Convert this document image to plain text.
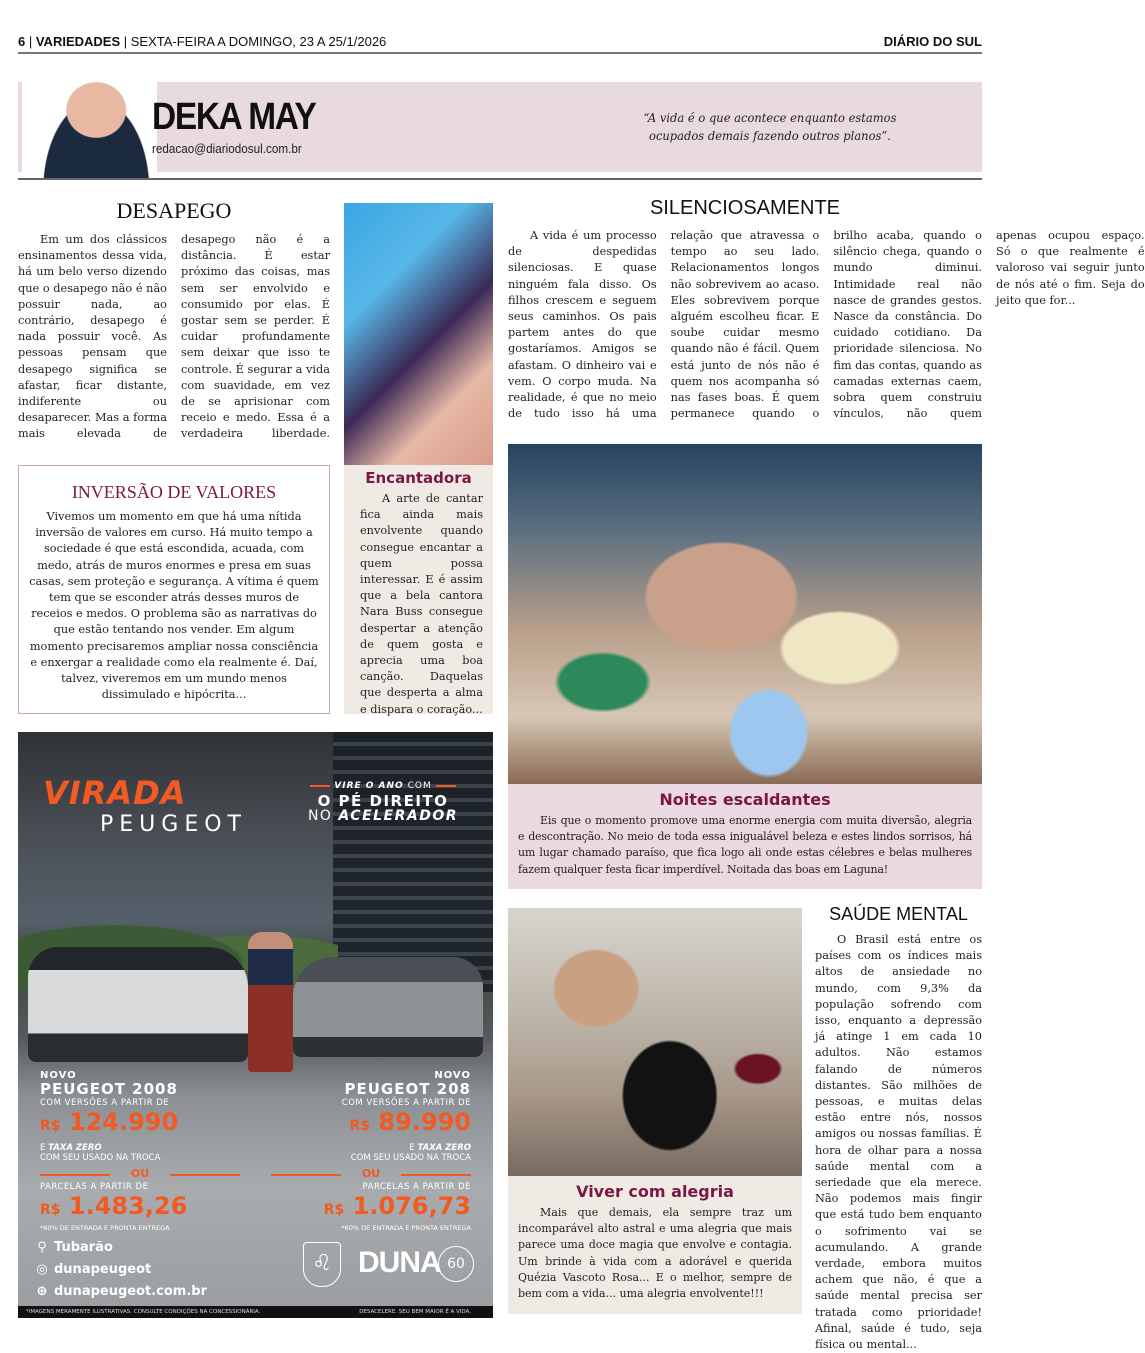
6 | VARIEDADES | SEXTA-FEIRA A DOMINGO, 23 A 25/1/2026	DIÁRIO DO SUL
DEKA MAY
redacao@diariodosul.com.br
“A vida é o que acontece enquanto estamos
ocupados demais fazendo outros planos”.
DESAPEGO

Em um dos clássicos ensinamentos dessa vida, há um belo verso dizendo que o desapego não é não possuir nada, ao contrário, desapego é nada possuir você. As pessoas pensam que desapego significa se afastar, ficar distante, indiferente ou desaparecer. Mas a forma mais elevada de desapego não é a distância. É estar próximo das coisas, mas sem ser envolvido e consumido por elas. É gostar sem se perder. É cuidar profundamente sem deixar que isso te controle. É segurar a vida com suavidade, em vez de se aprisionar com receio e medo. Essa é a verdadeira liberdade.

INVERSÃO DE VALORES
Vivemos um momento em que há uma nítida inversão de valores em curso. Há muito tempo a sociedade é que está escondida, acuada, com medo, atrás de muros enormes e presa em suas casas, sem proteção e segurança. A vítima é quem tem que se esconder atrás desses muros de receios e medos. O problema são as narrativas do que estão tentando nos vender. Em algum momento precisaremos ampliar nossa consciência e enxergar a realidade como ela realmente é. Daí, talvez, viveremos em um mundo menos dissimulado e hipócrita...
Encantadora

A arte de cantar fica ainda mais envolvente quando consegue encantar a quem possa interessar. E é assim que a bela cantora Nara Buss consegue despertar a atenção de quem gosta e aprecia uma boa canção. Daquelas que desperta a alma e dispara o coração...

SILENCIOSAMENTE

A vida é um processo de despedidas silenciosas. E quase ninguém fala disso. Os filhos crescem e seguem seus caminhos. Os pais partem antes do que gostaríamos. Amigos se afastam. O dinheiro vai e vem. O corpo muda. Na realidade, é que no meio de tudo isso há uma relação que atravessa o tempo ao seu lado. Relacionamentos longos não sobrevivem ao acaso. Eles sobrevivem porque alguém escolheu ficar. E soube cuidar mesmo quando não é fácil. Quem está junto de nós não é quem nos acompanha só nas fases boas. É quem permanece quando o brilho acaba, quando o silêncio chega, quando o mundo diminui. Intimidade real não nasce de grandes gestos. Nasce da constância. Do cuidado cotidiano. Da prioridade silenciosa. No fim das contas, quando as camadas externas caem, sobra quem construiu vínculos, não quem apenas ocupou espaço. Só o que realmente é valoroso vai seguir junto de nós até o fim. Seja do jeito que for...

Noites escaldantes

Eis que o momento promove uma enorme energia com muita diversão, alegria e descontração. No meio de toda essa inigualável beleza e estes lindos sorrisos, há um lugar chamado paraíso, que fica logo ali onde estas célebres e belas mulheres fazem qualquer festa ficar imperdível. Noitada das boas em Laguna!

Viver com alegria

Mais que demais, ela sempre traz um incomparável alto astral e uma alegria que mais parece uma doce magia que envolve e contagia. Um brinde à vida com a adorável e querida Quézia Vascoto Rosa... E o melhor, sempre de bem com a vida... uma alegria envolvente!!!

SAÚDE MENTAL

O Brasil está entre os países com os índices mais altos de ansiedade no mundo, com 9,3% da população sofrendo com isso, enquanto a depressão já atinge 1 em cada 10 adultos. Não estamos falando de números distantes. São milhões de pessoas, e muitas delas estão entre nós, nossos amigos ou nossas famílias. É hora de olhar para a nossa saúde mental com a seriedade que ela merece. Não podemos mais fingir que está tudo bem enquanto o sofrimento vai se acumulando. A grande verdade, embora muitos achem que não, é que a saúde mental precisa ser tratada como prioridade! Afinal, saúde é tudo, seja física ou mental...

VIRADA
PEUGEOT
VIRE O ANO COM
O PÉ DIREITO
NO ACELERADOR
NOVO
PEUGEOT 2008
COM VERSÕES A PARTIR DE
R$ 124.990
E TAXA ZERO
COM SEU USADO NA TROCA
OU
PARCELAS A PARTIR DE
R$ 1.483,26
*60% DE ENTRADA E PRONTA ENTREGA
NOVO
PEUGEOT 208
COM VERSÕES A PARTIR DE
R$ 89.990
E TAXA ZERO
COM SEU USADO NA TROCA
OU
PARCELAS A PARTIR DE
R$ 1.076,73
*60% DE ENTRADA E PRONTA ENTREGA
⚲ Tubarão
◎ dunapeugeot
⊕ dunapeugeot.com.br
♌ DUNA 60
*IMAGENS MERAMENTE ILUSTRATIVAS. CONSULTE CONDIÇÕES NA CONCESSIONÁRIA.	DESACELERE. SEU BEM MAIOR É A VIDA.
